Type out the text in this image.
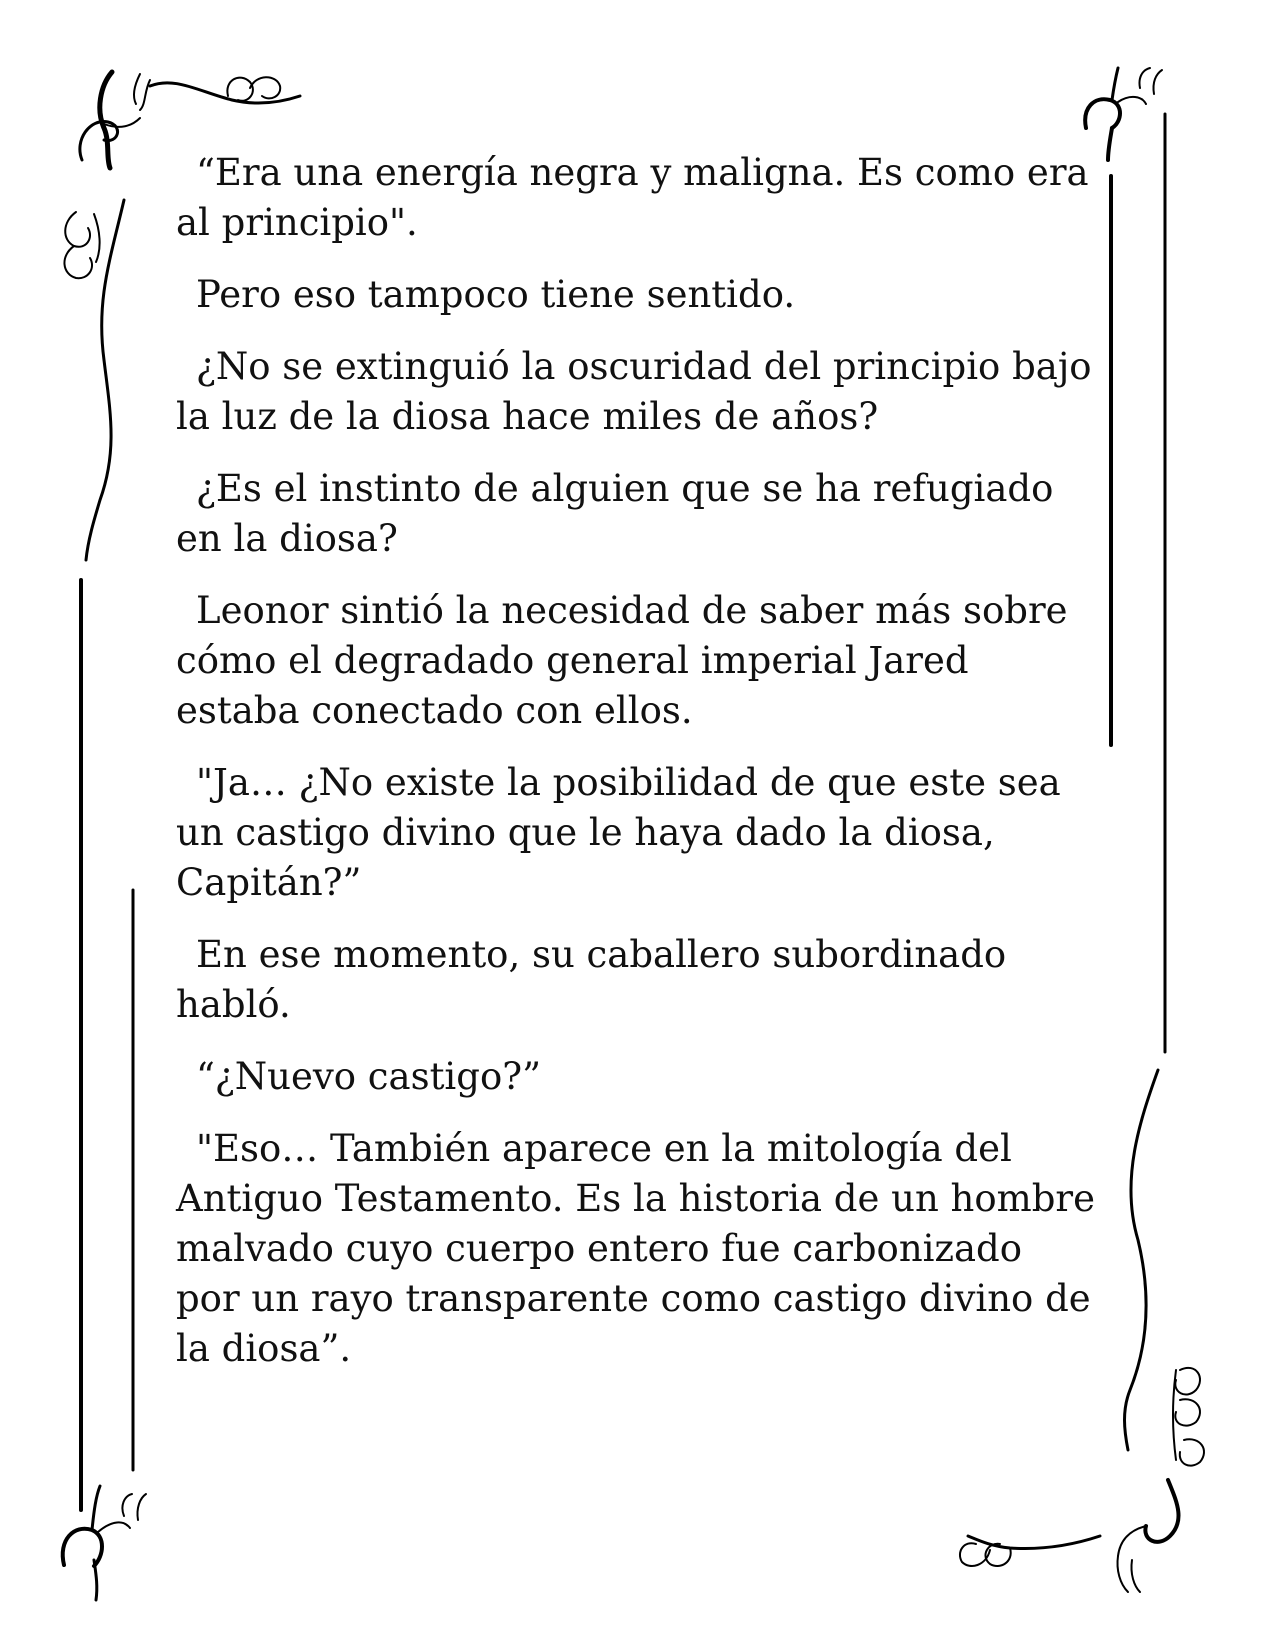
“Era una energía negra y maligna. Es como era al principio".

Pero eso tampoco tiene sentido.

¿No se extinguió la oscuridad del principio bajo la luz de la diosa hace miles de años?

¿Es el instinto de alguien que se ha refugiado en la diosa?

Leonor sintió la necesidad de saber más sobre cómo el degradado general imperial Jared estaba conectado con ellos.

"Ja… ¿No existe la posibilidad de que este sea un castigo divino que le haya dado la diosa, Capitán?”

En ese momento, su caballero subordinado habló.

“¿Nuevo castigo?”

"Eso… También aparece en la mitología del Antiguo Testamento. Es la historia de un hombre malvado cuyo cuerpo entero fue carbonizado por un rayo transparente como castigo divino de la diosa”.
